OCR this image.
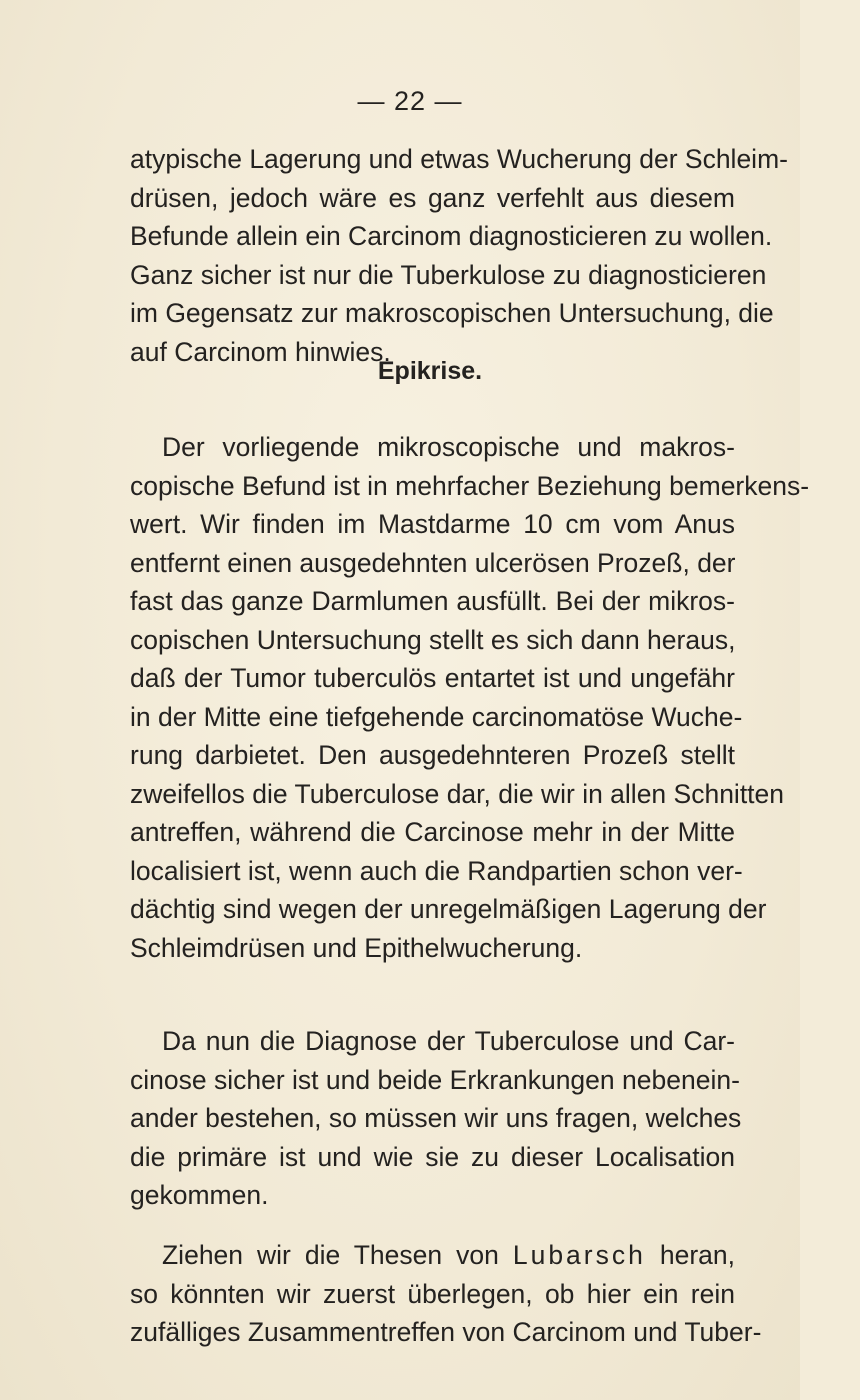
— 22 —
atypische Lagerung und etwas Wucherung der Schleim-
drüsen, jedoch wäre es ganz verfehlt aus diesem
Befunde allein ein Carcinom diagnosticieren zu wollen.
Ganz sicher ist nur die Tuberkulose zu diagnosticieren
im Gegensatz zur makroscopischen Untersuchung, die
auf Carcinom hinwies.
Epikrise.
Der vorliegende mikroscopische und makros-
copische Befund ist in mehrfacher Beziehung bemerkens-
wert. Wir finden im Mastdarme 10 cm vom Anus
entfernt einen ausgedehnten ulcerösen Prozeß, der
fast das ganze Darmlumen ausfüllt. Bei der mikros-
copischen Untersuchung stellt es sich dann heraus,
daß der Tumor tuberculös entartet ist und ungefähr
in der Mitte eine tiefgehende carcinomatöse Wuche-
rung darbietet. Den ausgedehnteren Prozeß stellt
zweifellos die Tuberculose dar, die wir in allen Schnitten
antreffen, während die Carcinose mehr in der Mitte
localisiert ist, wenn auch die Randpartien schon ver-
dächtig sind wegen der unregelmäßigen Lagerung der
Schleimdrüsen und Epithelwucherung.
Da nun die Diagnose der Tuberculose und Car-
cinose sicher ist und beide Erkrankungen nebenein-
ander bestehen, so müssen wir uns fragen, welches
die primäre ist und wie sie zu dieser Localisation
gekommen.
Ziehen wir die Thesen von Lubarsch heran,
so könnten wir zuerst überlegen, ob hier ein rein
zufälliges Zusammentreffen von Carcinom und Tuber-
